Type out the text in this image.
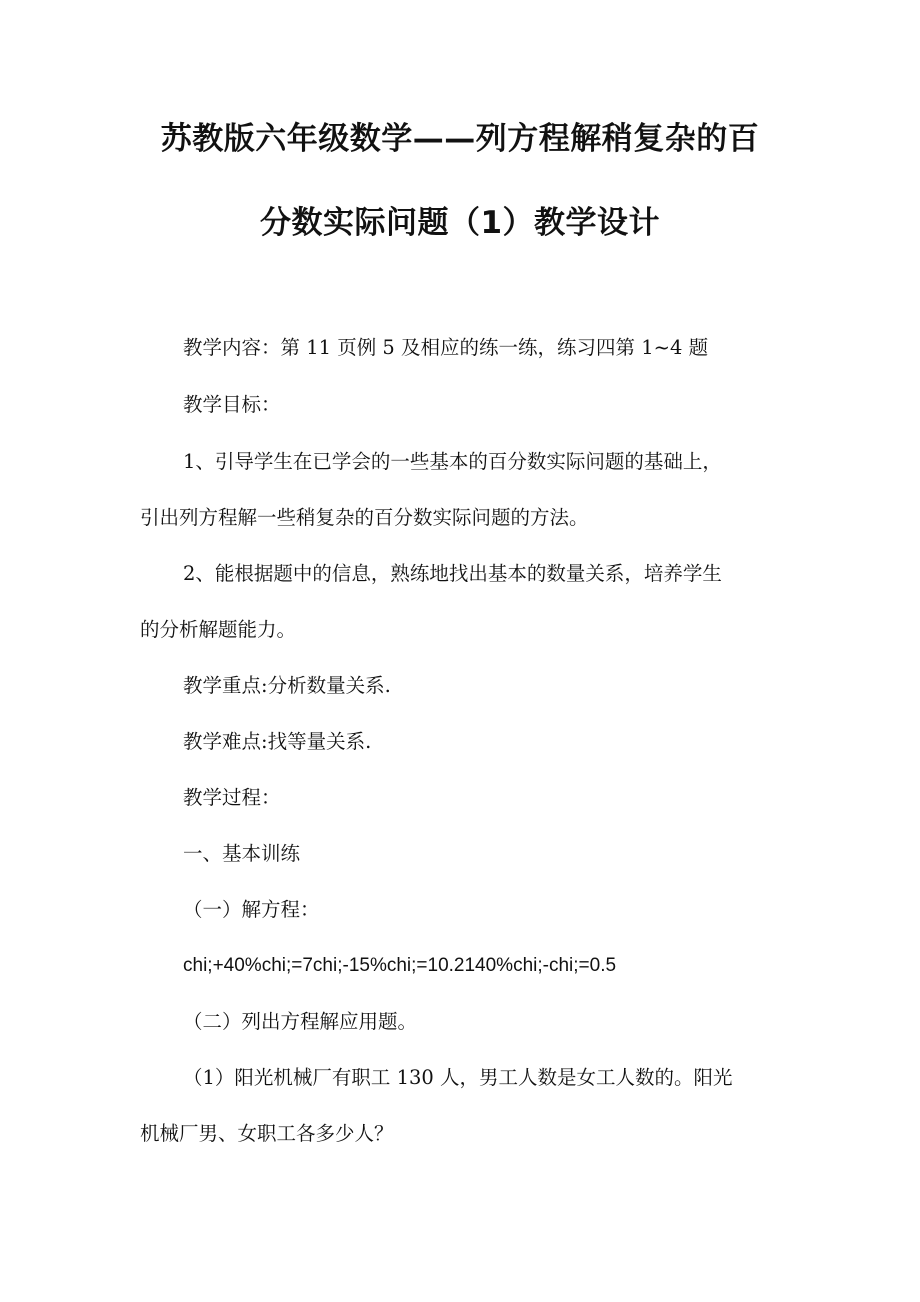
苏教版六年级数学——列方程解稍复杂的百
分数实际问题（1）教学设计
教学内容：第 11 页例 5 及相应的练一练，练习四第 1~4 题
教学目标：
1、引导学生在已学会的一些基本的百分数实际问题的基础上，
引出列方程解一些稍复杂的百分数实际问题的方法。
2、能根据题中的信息，熟练地找出基本的数量关系，培养学生
的分析解题能力。
教学重点:分析数量关系.
教学难点:找等量关系.
教学过程：
一、基本训练
（一）解方程：
chi;+40%chi;=7chi;-15%chi;=10.2140%chi;-chi;=0.5
（二）列出方程解应用题。
（1）阳光机械厂有职工 130 人，男工人数是女工人数的。阳光
机械厂男、女职工各多少人？
